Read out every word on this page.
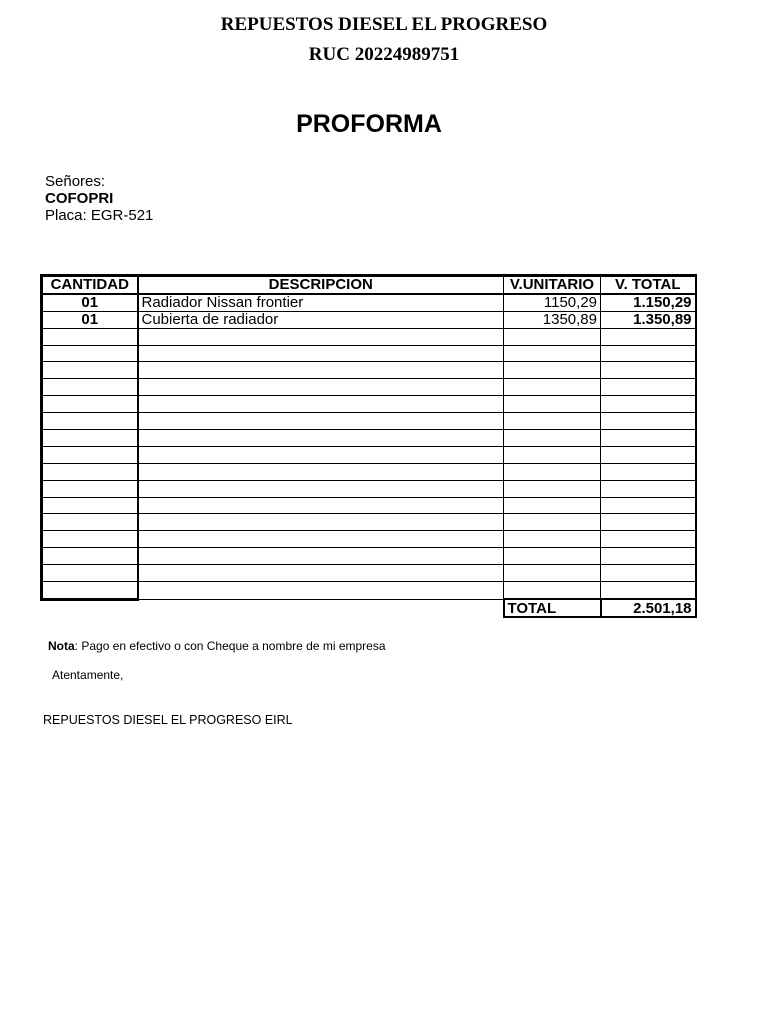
REPUESTOS DIESEL EL PROGRESO
RUC 20224989751
PROFORMA
Señores:
COFOPRI
Placa: EGR-521
CANTIDAD	DESCRIPCION	V.UNITARIO	V. TOTAL
01	Radiador Nissan frontier	1150,29	1.150,29
01	Cubierta de radiador	1350,89	1.350,89

		TOTAL	2.501,18
Nota: Pago en efectivo o con Cheque a nombre de mi empresa
Atentamente,
REPUESTOS DIESEL EL PROGRESO EIRL
